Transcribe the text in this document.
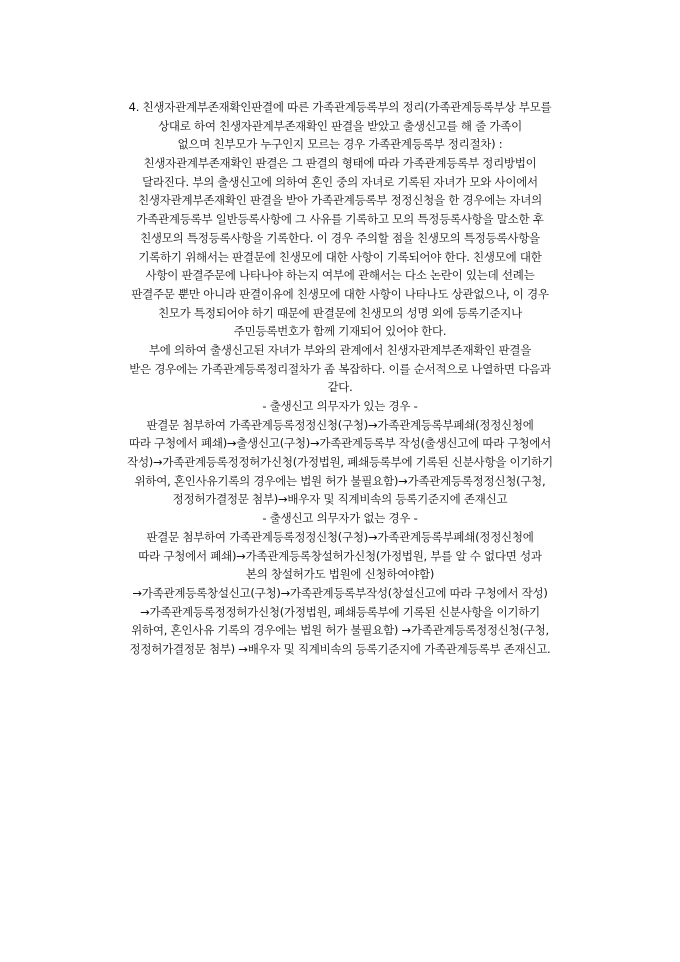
4. 친생자관계부존재확인판결에 따른 가족관계등록부의 정리(가족관계등록부상 부모를
상대로 하여 친생자관계부존재확인 판결을 받았고 출생신고를 해 줄 가족이
없으며 친부모가 누구인지 모르는 경우 가족관계등록부 정리절차) :
친생자관계부존재확인 판결은 그 판결의 형태에 따라 가족관계등록부 정리방법이
달라진다. 부의 출생신고에 의하여 혼인 중의 자녀로 기록된 자녀가 모와 사이에서
친생자관계부존재확인 판결을 받아 가족관계등록부 정정신청을 한 경우에는 자녀의
가족관계등록부 일반등록사항에 그 사유를 기록하고 모의 특정등록사항을 말소한 후
친생모의 특정등록사항을 기록한다. 이 경우 주의할 점을 친생모의 특정등록사항을
기록하기 위해서는 판결문에 친생모에 대한 사항이 기록되어야 한다. 친생모에 대한
사항이 판결주문에 나타나야 하는지 여부에 관해서는 다소 논란이 있는데 선례는
판결주문 뿐만 아니라 판결이유에 친생모에 대한 사항이 나타나도 상관없으나, 이 경우
친모가 특정되어야 하기 때문에 판결문에 친생모의 성명 외에 등록기준지나
주민등록번호가 함께 기재되어 있어야 한다.
부에 의하여 출생신고된 자녀가 부와의 관계에서 친생자관계부존재확인 판결을
받은 경우에는 가족관계등록정리절차가 좀 복잡하다. 이를 순서적으로 나열하면 다음과
같다.
- 출생신고 의무자가 있는 경우 -
판결문 첨부하여 가족관계등록정정신청(구청)→가족관계등록부폐쇄(정정신청에
따라 구청에서 폐쇄)→출생신고(구청)→가족관계등록부 작성(출생신고에 따라 구청에서
작성)→가족관계등록정정허가신청(가정법원, 폐쇄등록부에 기록된 신분사항을 이기하기
위하여, 혼인사유기록의 경우에는 법원 허가 불필요함)→가족관계등록정정신청(구청,
정정허가결정문 첨부)→배우자 및 직계비속의 등록기준지에 존재신고
- 출생신고 의무자가 없는 경우 -
판결문 첨부하여 가족관계등록정정신청(구청)→가족관계등록부폐쇄(정정신청에
따라 구청에서 폐쇄)→가족관계등록창설허가신청(가정법원, 부를 알 수 없다면 성과
본의 창설허가도 법원에 신청하여야함)
→가족관계등록창설신고(구청)→가족관계등록부작성(창설신고에 따라 구청에서 작성)
→가족관계등록정정허가신청(가정법원, 폐쇄등록부에 기록된 신분사항을 이기하기
위하여, 혼인사유 기록의 경우에는 법원 허가 불필요함) →가족관계등록정정신청(구청,
정정허가결정문 첨부) →배우자 및 직계비속의 등록기준지에 가족관계등록부 존재신고.
